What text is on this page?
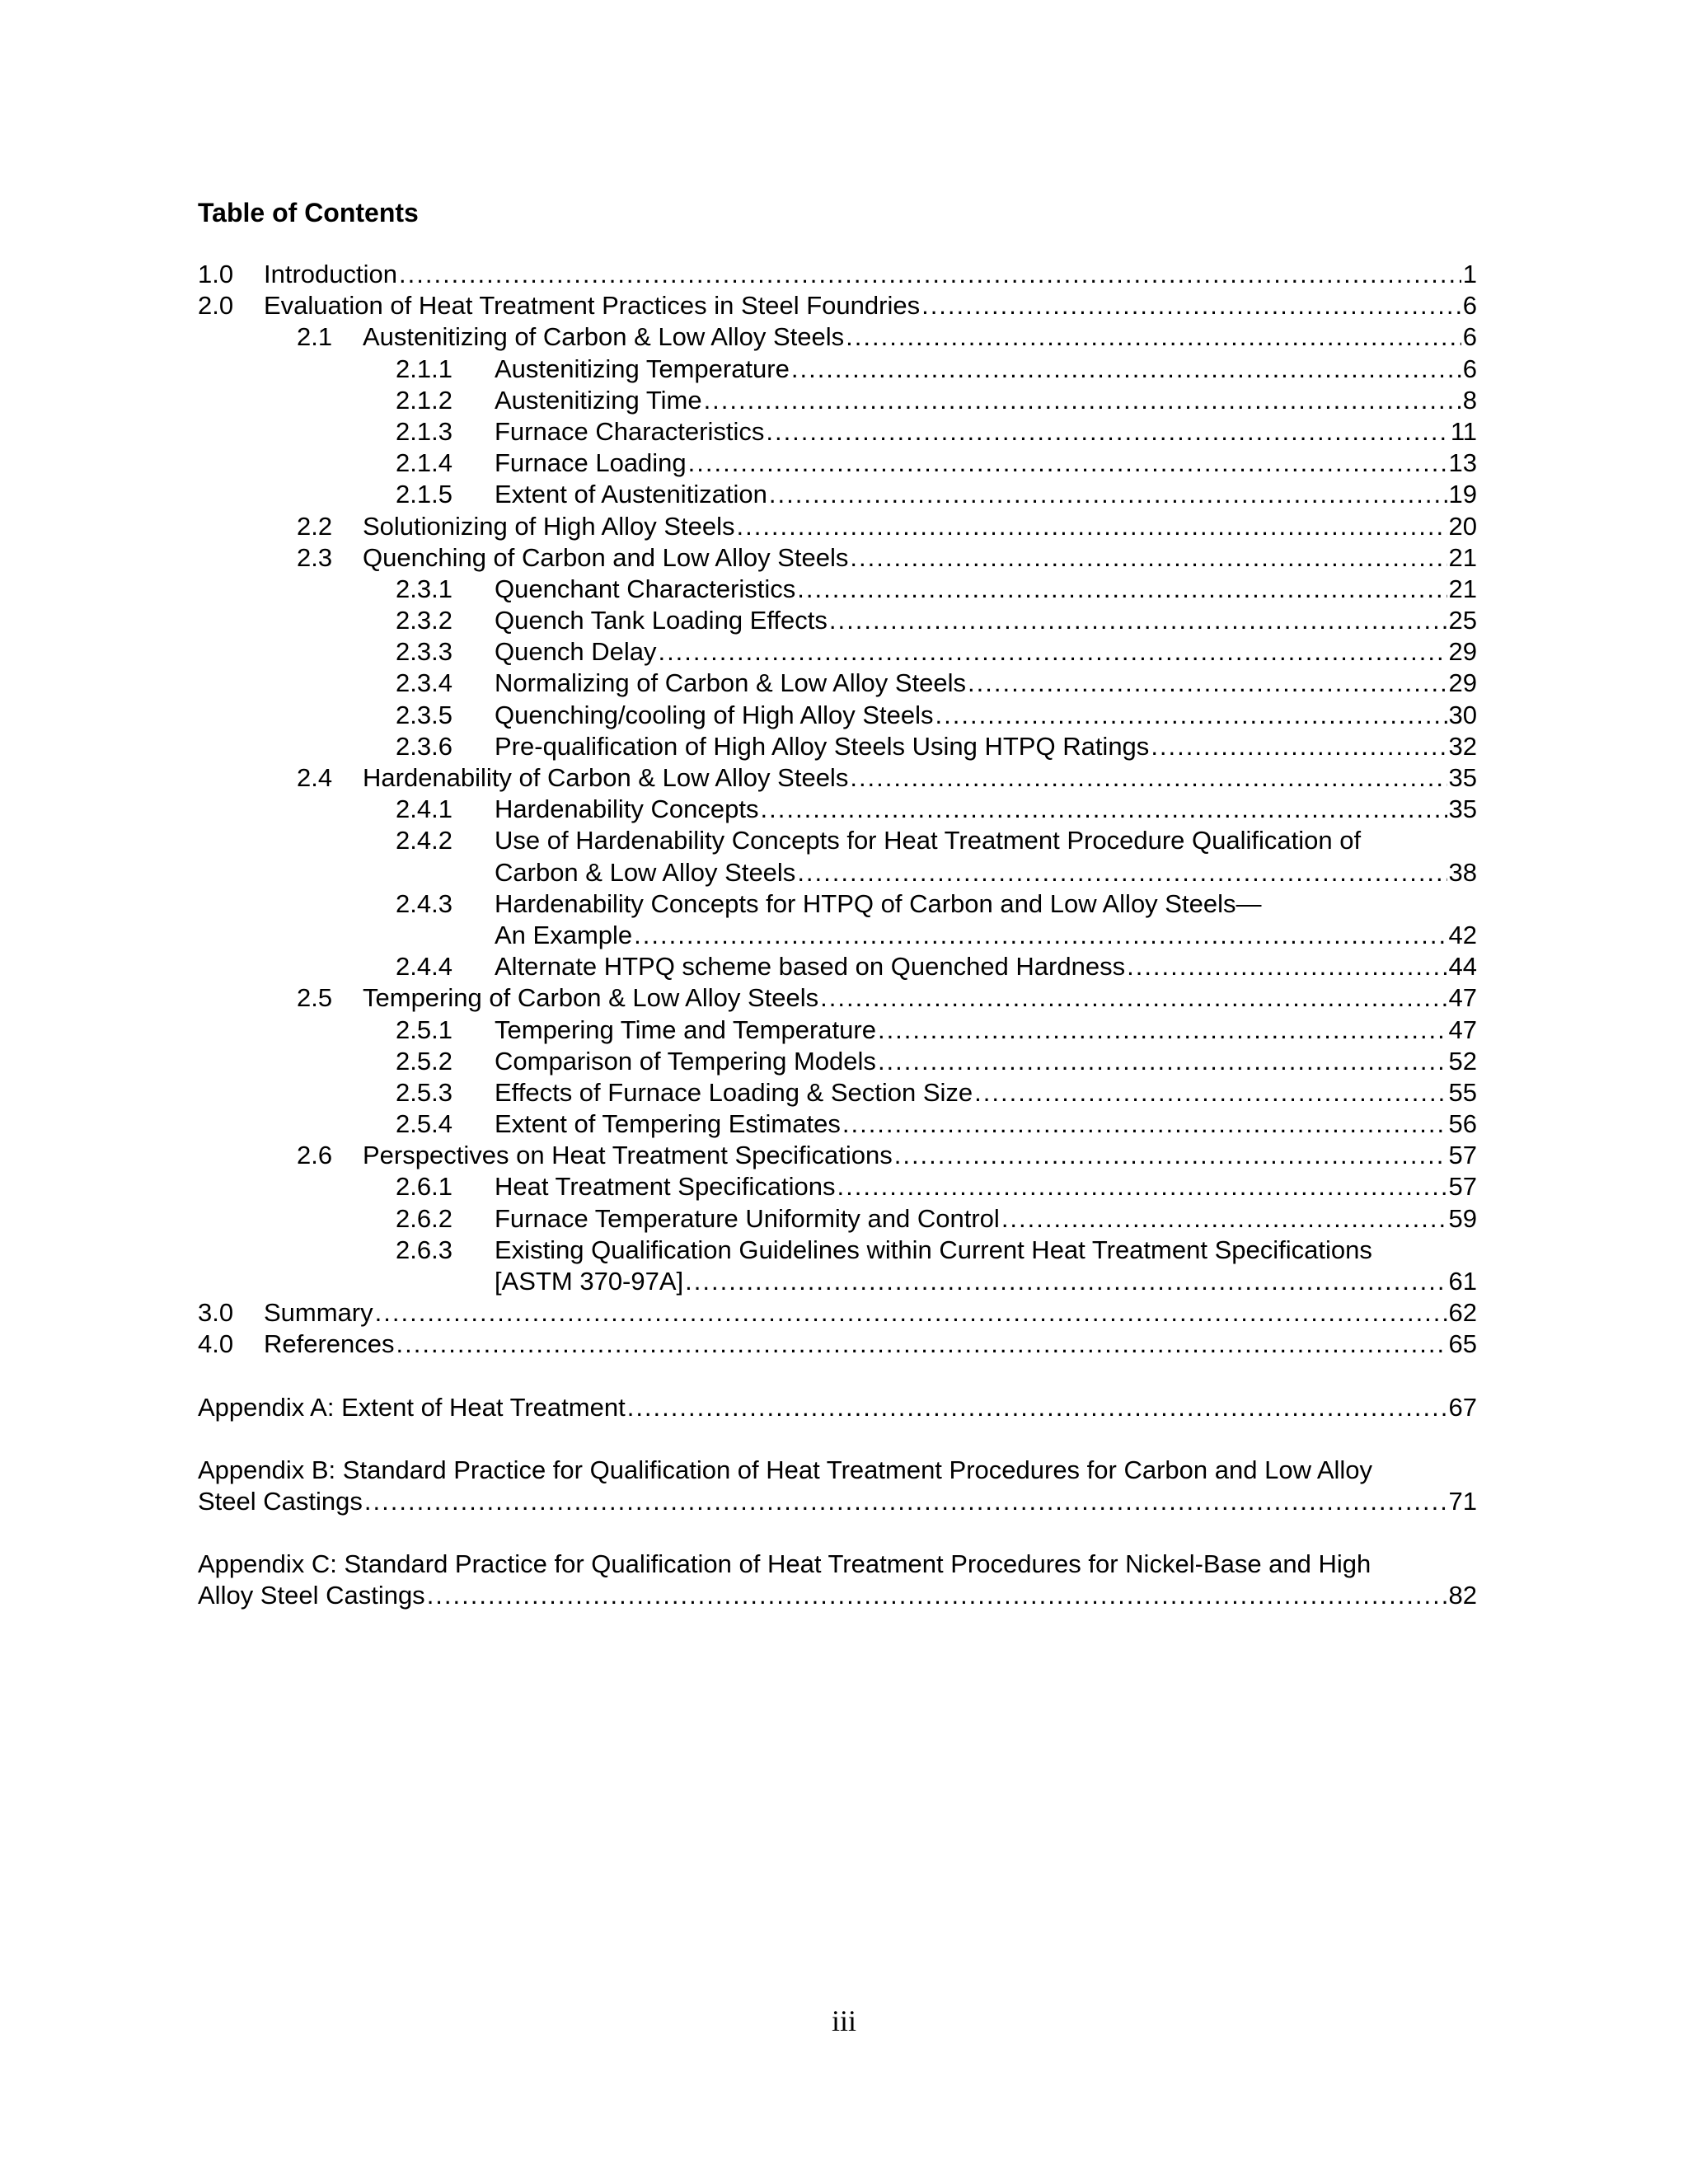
Table of Contents
1.0 Introduction .....	1
2.0 Evaluation of Heat Treatment Practices in Steel Foundries .....	6
2.1 Austenitizing of Carbon & Low Alloy Steels .....	6
2.1.1 Austenitizing Temperature .....	6
2.1.2 Austenitizing Time .....	8
2.1.3 Furnace Characteristics .....	11
2.1.4 Furnace Loading .....	13
2.1.5 Extent of Austenitization .....	19
2.2 Solutionizing of High Alloy Steels .....	20
2.3 Quenching of Carbon and Low Alloy Steels .....	21
2.3.1 Quenchant Characteristics .....	21
2.3.2 Quench Tank Loading Effects .....	25
2.3.3 Quench Delay .....	29
2.3.4 Normalizing of Carbon & Low Alloy Steels .....	29
2.3.5 Quenching/cooling of High Alloy Steels .....	30
2.3.6 Pre-qualification of High Alloy Steels Using HTPQ Ratings .....	32
2.4 Hardenability of Carbon & Low Alloy Steels .....	35
2.4.1 Hardenability Concepts .....	35
2.4.2 Use of Hardenability Concepts for Heat Treatment Procedure Qualification of
Carbon & Low Alloy Steels .....	38
2.4.3 Hardenability Concepts for HTPQ of Carbon and Low Alloy Steels—
An Example .....	42
2.4.4 Alternate HTPQ scheme based on Quenched Hardness .....	44
2.5 Tempering of Carbon & Low Alloy Steels .....	47
2.5.1 Tempering Time and Temperature .....	47
2.5.2 Comparison of Tempering Models .....	52
2.5.3 Effects of Furnace Loading & Section Size .....	55
2.5.4 Extent of Tempering Estimates .....	56
2.6 Perspectives on Heat Treatment Specifications .....	57
2.6.1 Heat Treatment Specifications .....	57
2.6.2 Furnace Temperature Uniformity and Control .....	59
2.6.3 Existing Qualification Guidelines within Current Heat Treatment Specifications
[ASTM 370-97A] .....	61
3.0 Summary .....	62
4.0 References .....	65
Appendix A: Extent of Heat Treatment .....	67
Appendix B: Standard Practice for Qualification of Heat Treatment Procedures for Carbon and Low Alloy
Steel Castings .....	71
Appendix C: Standard Practice for Qualification of Heat Treatment Procedures for Nickel-Base and High
Alloy Steel Castings .....	82
iii
